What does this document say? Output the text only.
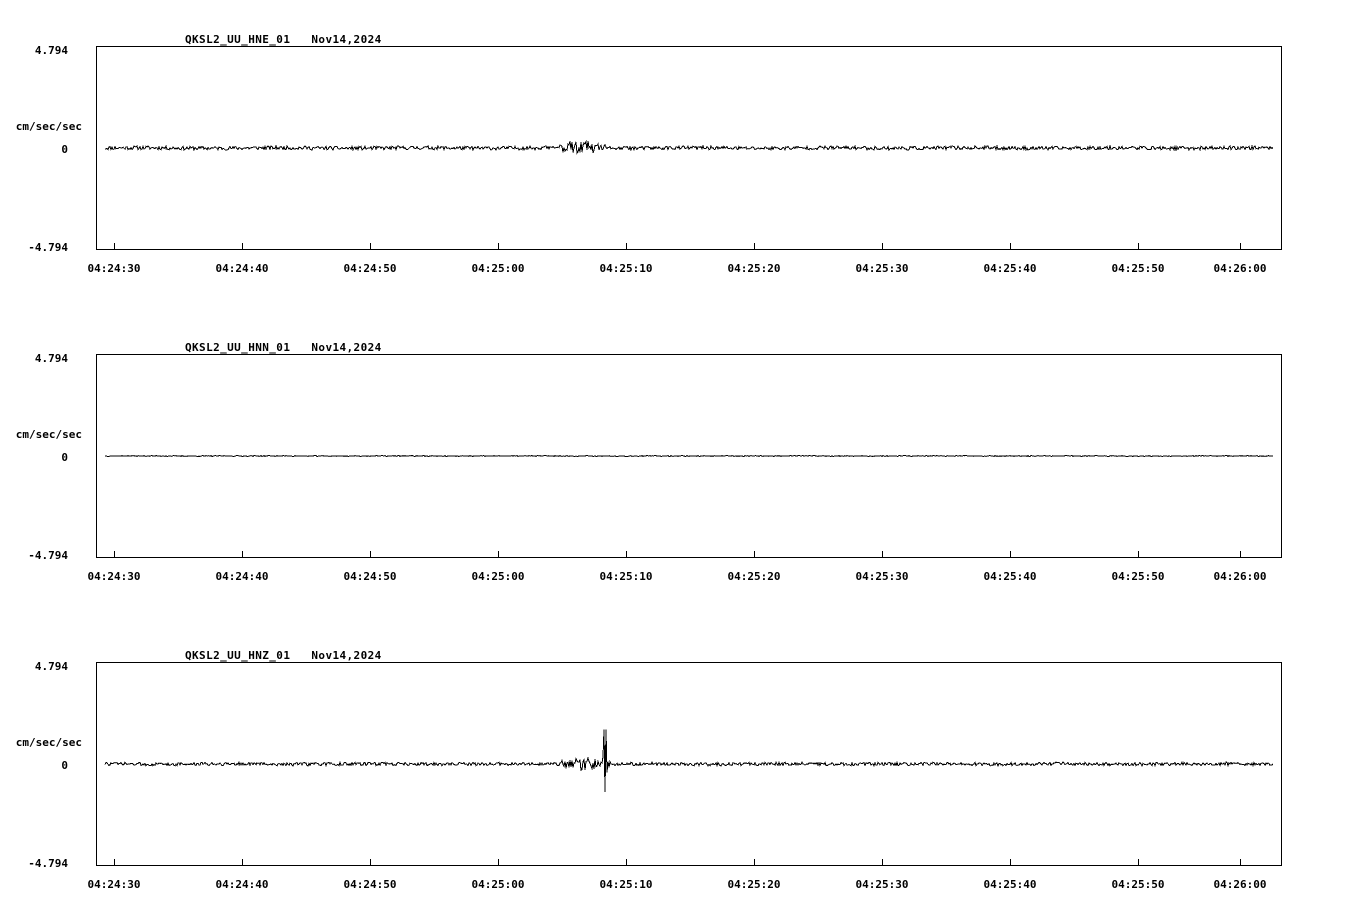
QKSL2_UU_HNE_01   Nov14,2024
cm/sec/sec
4.794
0
-4.794
04:24:30	04:24:40	04:24:50	04:25:00	04:25:10	04:25:20	04:25:30	04:25:40	04:25:50	04:26:00
QKSL2_UU_HNN_01   Nov14,2024
cm/sec/sec
4.794
0
-4.794
04:24:30	04:24:40	04:24:50	04:25:00	04:25:10	04:25:20	04:25:30	04:25:40	04:25:50	04:26:00
QKSL2_UU_HNZ_01   Nov14,2024
cm/sec/sec
4.794
0
-4.794
04:24:30	04:24:40	04:24:50	04:25:00	04:25:10	04:25:20	04:25:30	04:25:40	04:25:50	04:26:00
